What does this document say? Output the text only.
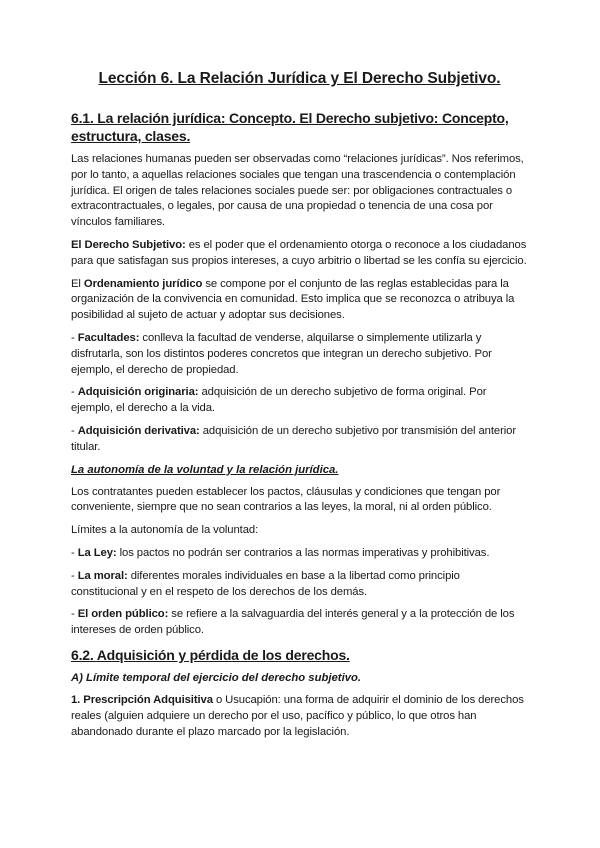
Lección 6. La Relación Jurídica y El Derecho Subjetivo.
6.1. La relación jurídica: Concepto. El Derecho subjetivo: Concepto, estructura, clases.

Las relaciones humanas pueden ser observadas como “relaciones jurídicas”. Nos referimos, por lo tanto, a aquellas relaciones sociales que tengan una trascendencia o contemplación jurídica. El origen de tales relaciones sociales puede ser: por obligaciones contractuales o extracontractuales, o legales, por causa de una propiedad o tenencia de una cosa por vínculos familiares.

El Derecho Subjetivo: es el poder que el ordenamiento otorga o reconoce a los ciudadanos para que satisfagan sus propios intereses, a cuyo arbitrio o libertad se les confía su ejercicio.

El Ordenamiento jurídico se compone por el conjunto de las reglas establecidas para la organización de la convivencia en comunidad. Esto implica que se reconozca o atribuya la posibilidad al sujeto de actuar y adoptar sus decisiones.

- Facultades: conlleva la facultad de venderse, alquilarse o simplemente utilizarla y disfrutarla, son los distintos poderes concretos que integran un derecho subjetivo. Por ejemplo, el derecho de propiedad.

- Adquisición originaria: adquisición de un derecho subjetivo de forma original. Por ejemplo, el derecho a la vida.

- Adquisición derivativa: adquisición de un derecho subjetivo por transmisión del anterior titular.

La autonomía de la voluntad y la relación jurídica.

Los contratantes pueden establecer los pactos, cláusulas y condiciones que tengan por conveniente, siempre que no sean contrarios a las leyes, la moral, ni al orden público.

Límites a la autonomía de la voluntad:

- La Ley: los pactos no podrán ser contrarios a las normas imperativas y prohibitivas.

- La moral: diferentes morales individuales en base a la libertad como principio constitucional y en el respeto de los derechos de los demás.

- El orden público: se refiere a la salvaguardia del interés general y a la protección de los intereses de orden público.

6.2. Adquisición y pérdida de los derechos.
A) Límite temporal del ejercicio del derecho subjetivo.

1. Prescripción Adquisitiva o Usucapión: una forma de adquirir el dominio de los derechos reales (alguien adquiere un derecho por el uso, pacífico y público, lo que otros han abandonado durante el plazo marcado por la legislación.
